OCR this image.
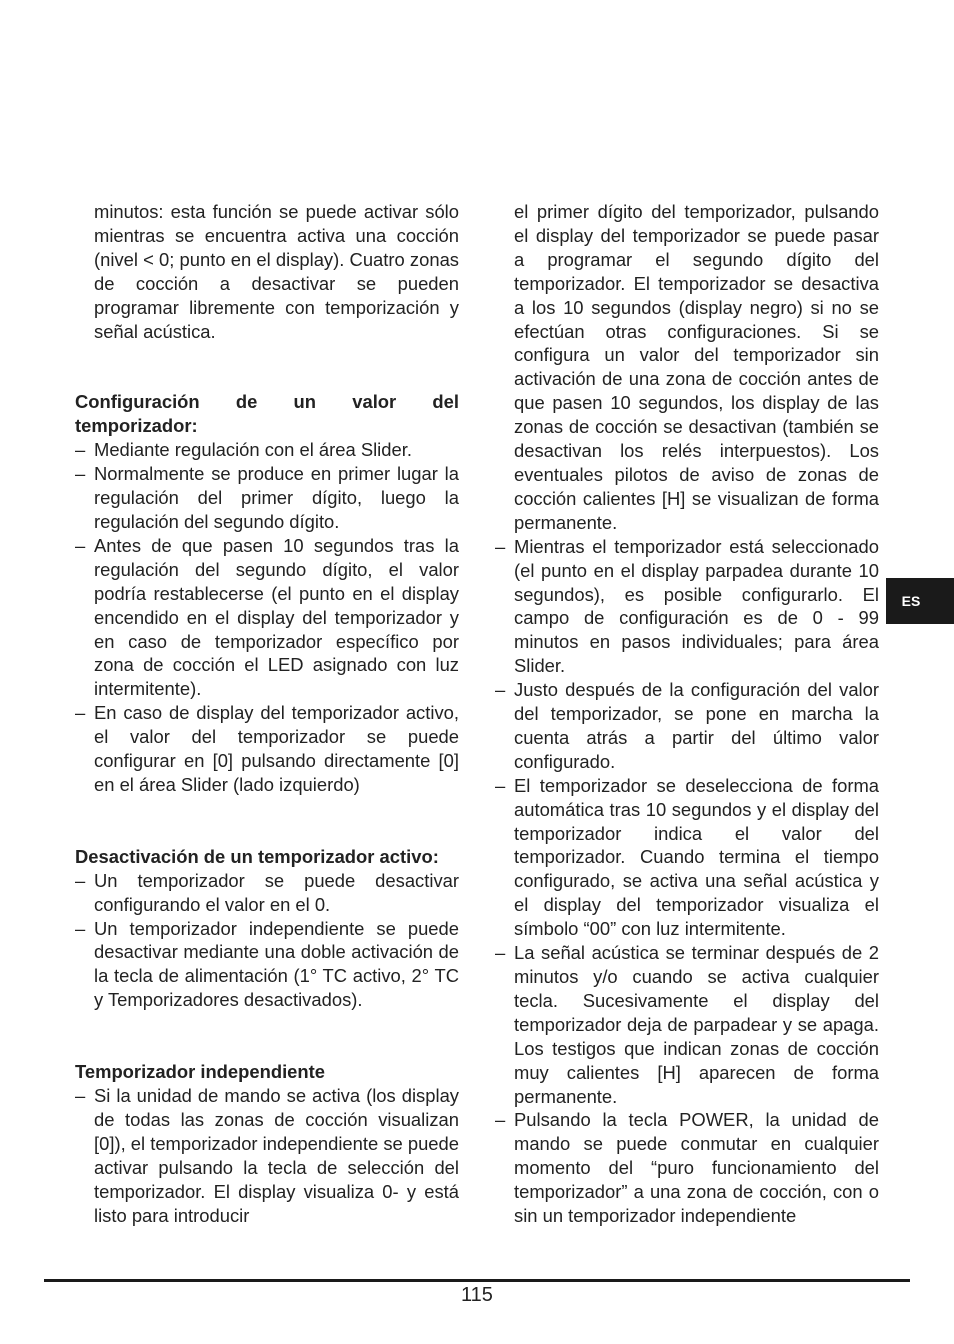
minutos: esta función se puede activar sólo mientras se encuentra activa una cocción (nivel < 0; punto en el display). Cuatro zonas de cocción a desactivar se pueden programar libremente con temporización y señal acústica.

Configuración de un valor del temporizador:

– Mediante regulación con el área Slider.
– Normalmente se produce en primer lugar la regulación del primer dígito, luego la regulación del segundo dígito.
– Antes de que pasen 10 segundos tras la regulación del segundo dígito, el valor podría restablecerse (el punto en el display encendido en el display del temporizador y en caso de temporizador específico por zona de cocción el LED asignado con luz intermitente).
– En caso de display del temporizador activo, el valor del temporizador se puede configurar en [0] pulsando directamente [0] en el área Slider (lado izquierdo)

Desactivación de un temporizador activo:

– Un temporizador se puede desactivar configurando el valor en el 0.
– Un temporizador independiente se puede desactivar mediante una doble activación de la tecla de alimentación (1° TC activo, 2° TC y Temporizadores desactivados).

Temporizador independiente

– Si la unidad de mando se activa (los display de todas las zonas de cocción visualizan [0]), el temporizador independiente se puede activar pulsando la tecla de selección del temporizador. El display visualiza 0- y está listo para introducir

el primer dígito del temporizador, pulsando el display del temporizador se puede pasar a programar el segundo dígito del temporizador. El temporizador se desactiva a los 10 segundos (display negro) si no se efectúan otras configuraciones. Si se configura un valor del temporizador sin activación de una zona de cocción antes de que pasen 10 segundos, los display de las zonas de cocción se desactivan (también se desactivan los relés interpuestos). Los eventuales pilotos de aviso de zonas de cocción calientes [H] se visualizan de forma permanente.

– Mientras el temporizador está seleccionado (el punto en el display parpadea durante 10 segundos), es posible configurarlo. El campo de configuración es de 0 - 99 minutos en pasos individuales; para área Slider.
– Justo después de la configuración del valor del temporizador, se pone en marcha la cuenta atrás a partir del último valor configurado.
– El temporizador se deselecciona de forma automática tras 10 segundos y el display del temporizador indica el valor del temporizador. Cuando termina el tiempo configurado, se activa una señal acústica y el display del temporizador visualiza el símbolo “00” con luz intermitente.
– La señal acústica se terminar después de 2 minutos y/o cuando se activa cualquier tecla. Sucesivamente el display del temporizador deja de parpadear y se apaga. Los testigos que indican zonas de cocción muy calientes [H] aparecen de forma permanente.
– Pulsando la tecla POWER, la unidad de mando se puede conmutar en cualquier momento del “puro funcionamiento del temporizador” a una zona de cocción, con o sin un temporizador independiente
ES
115
